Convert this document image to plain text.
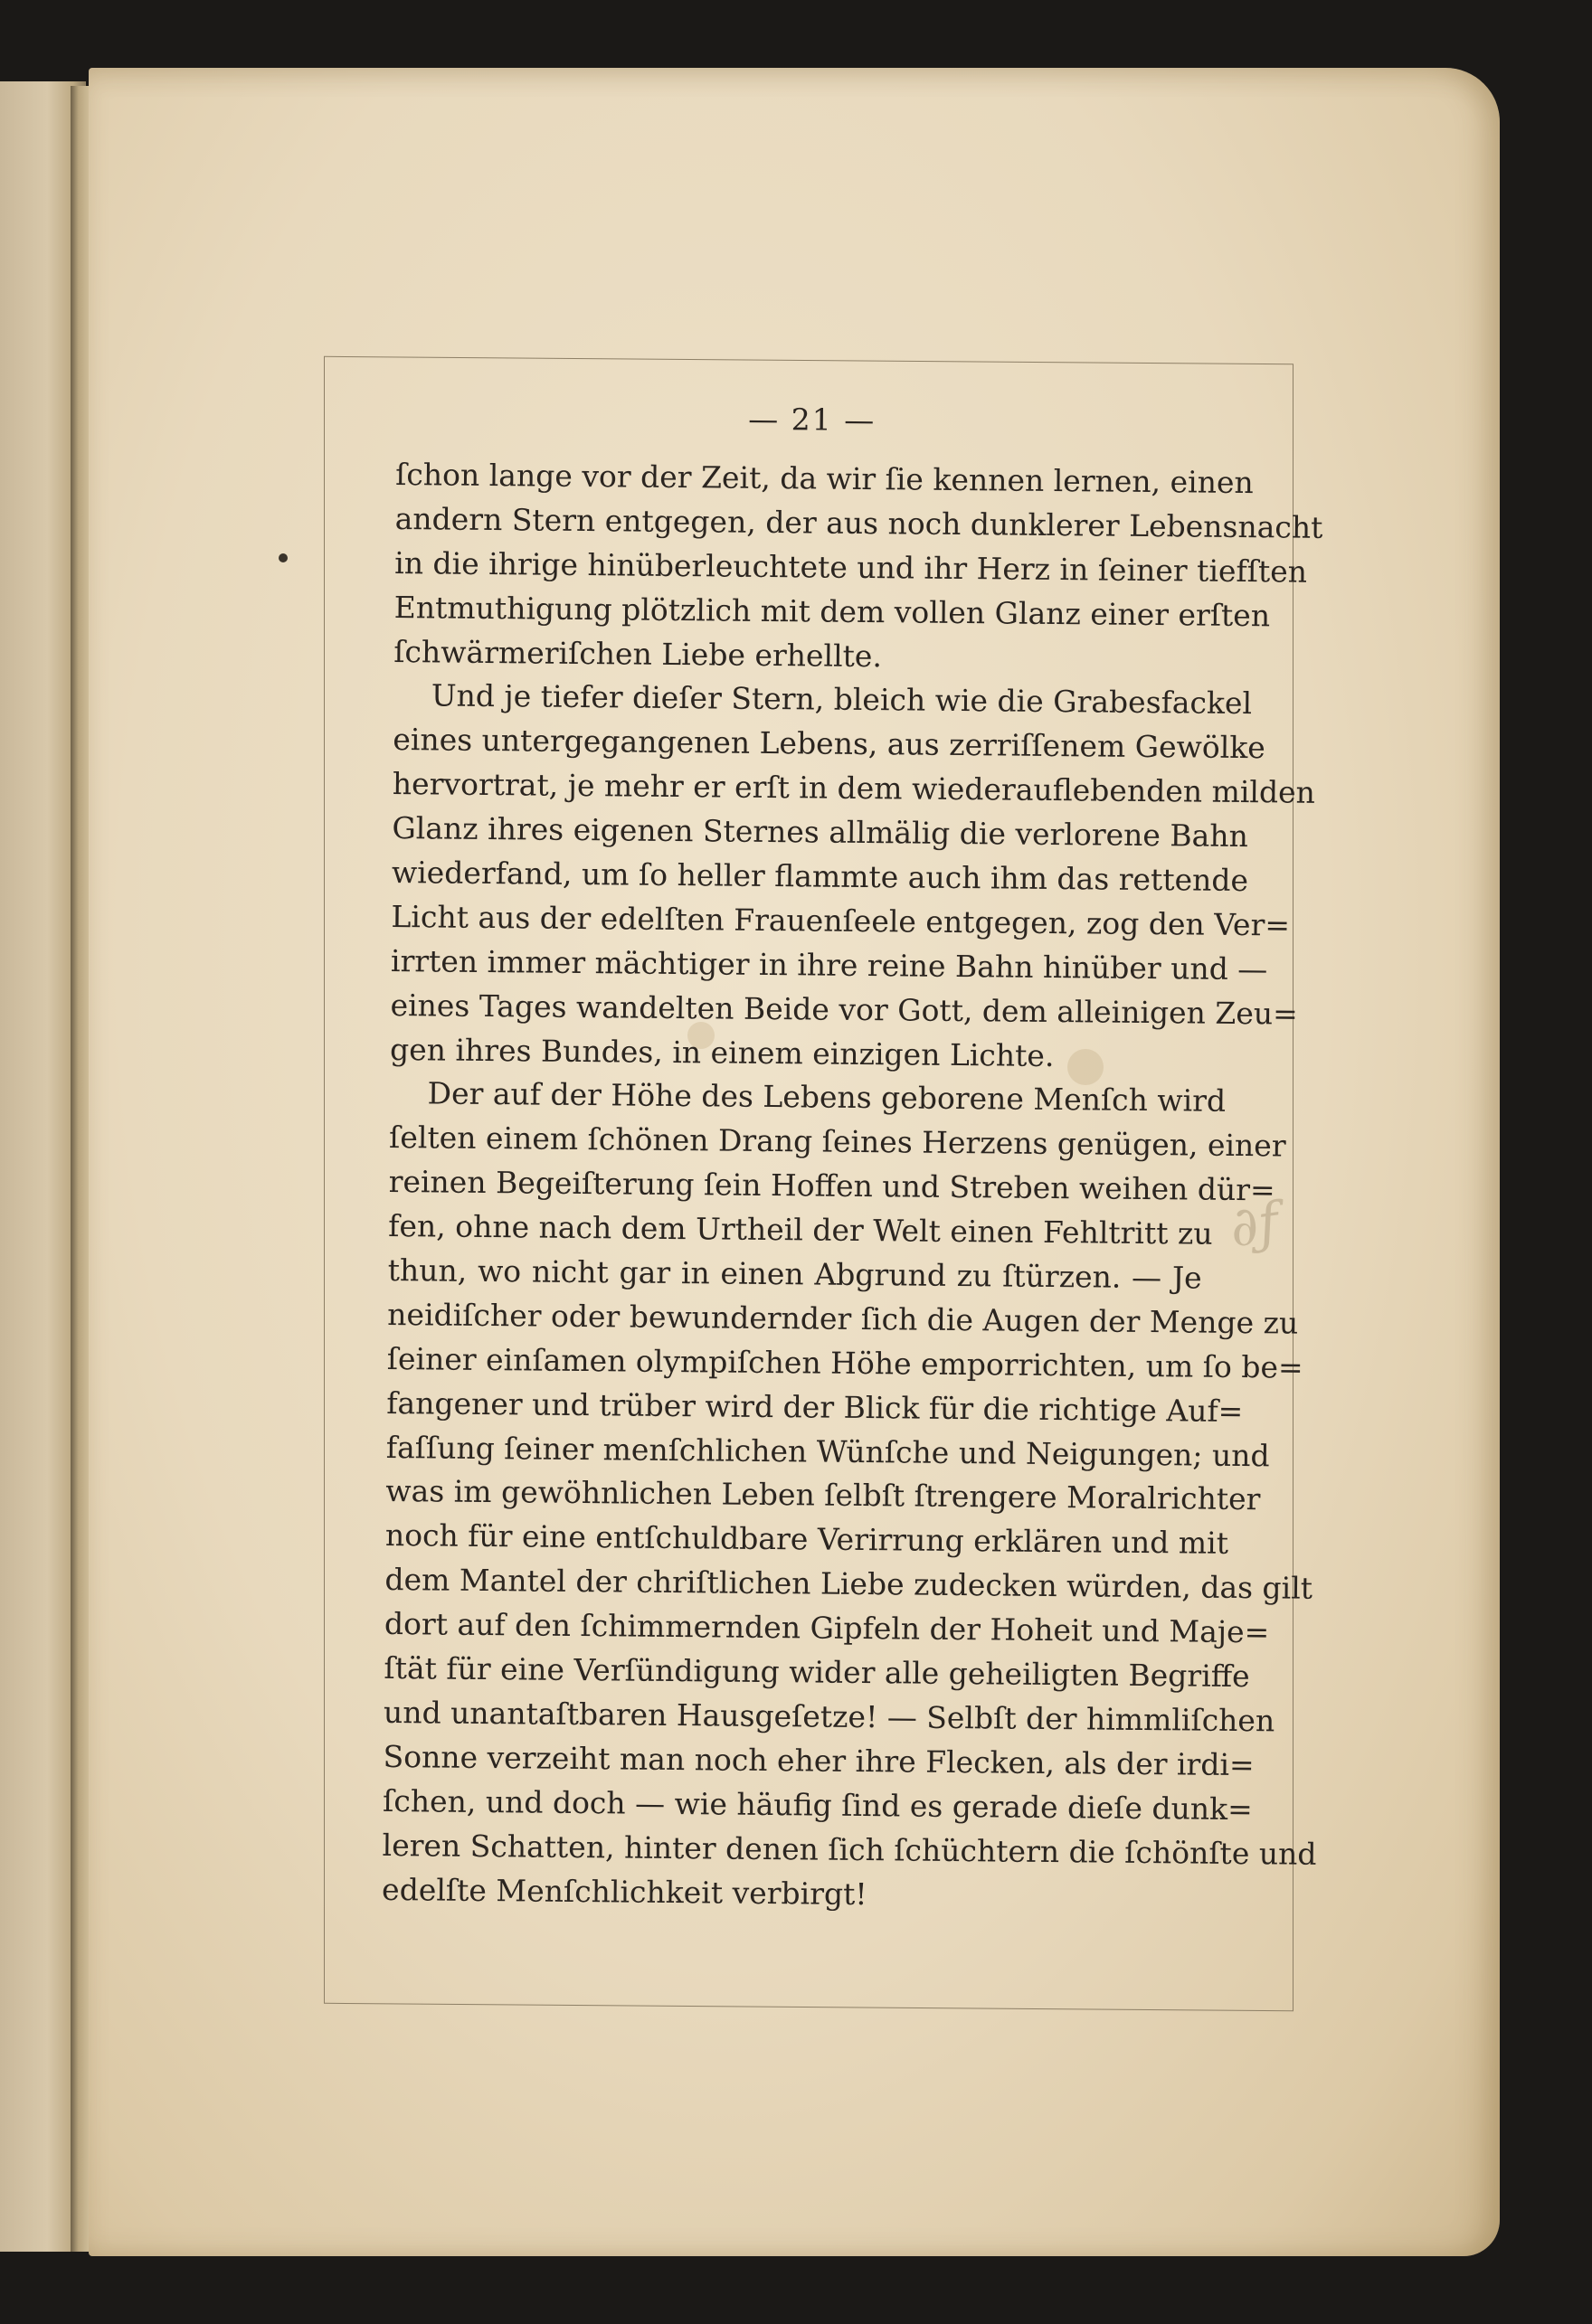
∂ƒ
— 21 —
ſchon lange vor der Zeit, da wir ſie kennen lernen, einen
andern Stern entgegen, der aus noch dunklerer Lebensnacht
in die ihrige hinüberleuchtete und ihr Herz in ſeiner tiefſten
Entmuthigung plötzlich mit dem vollen Glanz einer erſten
ſchwärmeriſchen Liebe erhellte.
Und je tiefer dieſer Stern, bleich wie die Grabesfackel
eines untergegangenen Lebens, aus zerriſſenem Gewölke
hervortrat, je mehr er erſt in dem wiederauflebenden milden
Glanz ihres eigenen Sternes allmälig die verlorene Bahn
wiederfand, um ſo heller flammte auch ihm das rettende
Licht aus der edelſten Frauenſeele entgegen, zog den Ver=
irrten immer mächtiger in ihre reine Bahn hinüber und —
eines Tages wandelten Beide vor Gott, dem alleinigen Zeu=
gen ihres Bundes, in einem einzigen Lichte.
Der auf der Höhe des Lebens geborene Menſch wird
ſelten einem ſchönen Drang ſeines Herzens genügen, einer
reinen Begeiſterung ſein Hoffen und Streben weihen dür=
fen, ohne nach dem Urtheil der Welt einen Fehltritt zu
thun, wo nicht gar in einen Abgrund zu ſtürzen. — Je
neidiſcher oder bewundernder ſich die Augen der Menge zu
ſeiner einſamen olympiſchen Höhe emporrichten, um ſo be=
fangener und trüber wird der Blick für die richtige Auf=
faſſung ſeiner menſchlichen Wünſche und Neigungen; und
was im gewöhnlichen Leben ſelbſt ſtrengere Moralrichter
noch für eine entſchuldbare Verirrung erklären und mit
dem Mantel der chriſtlichen Liebe zudecken würden, das gilt
dort auf den ſchimmernden Gipfeln der Hoheit und Maje=
ſtät für eine Verſündigung wider alle geheiligten Begriffe
und unantaſtbaren Hausgeſetze! — Selbſt der himmliſchen
Sonne verzeiht man noch eher ihre Flecken, als der irdi=
ſchen, und doch — wie häufig ſind es gerade dieſe dunk=
leren Schatten, hinter denen ſich ſchüchtern die ſchönſte und
edelſte Menſchlichkeit verbirgt!
